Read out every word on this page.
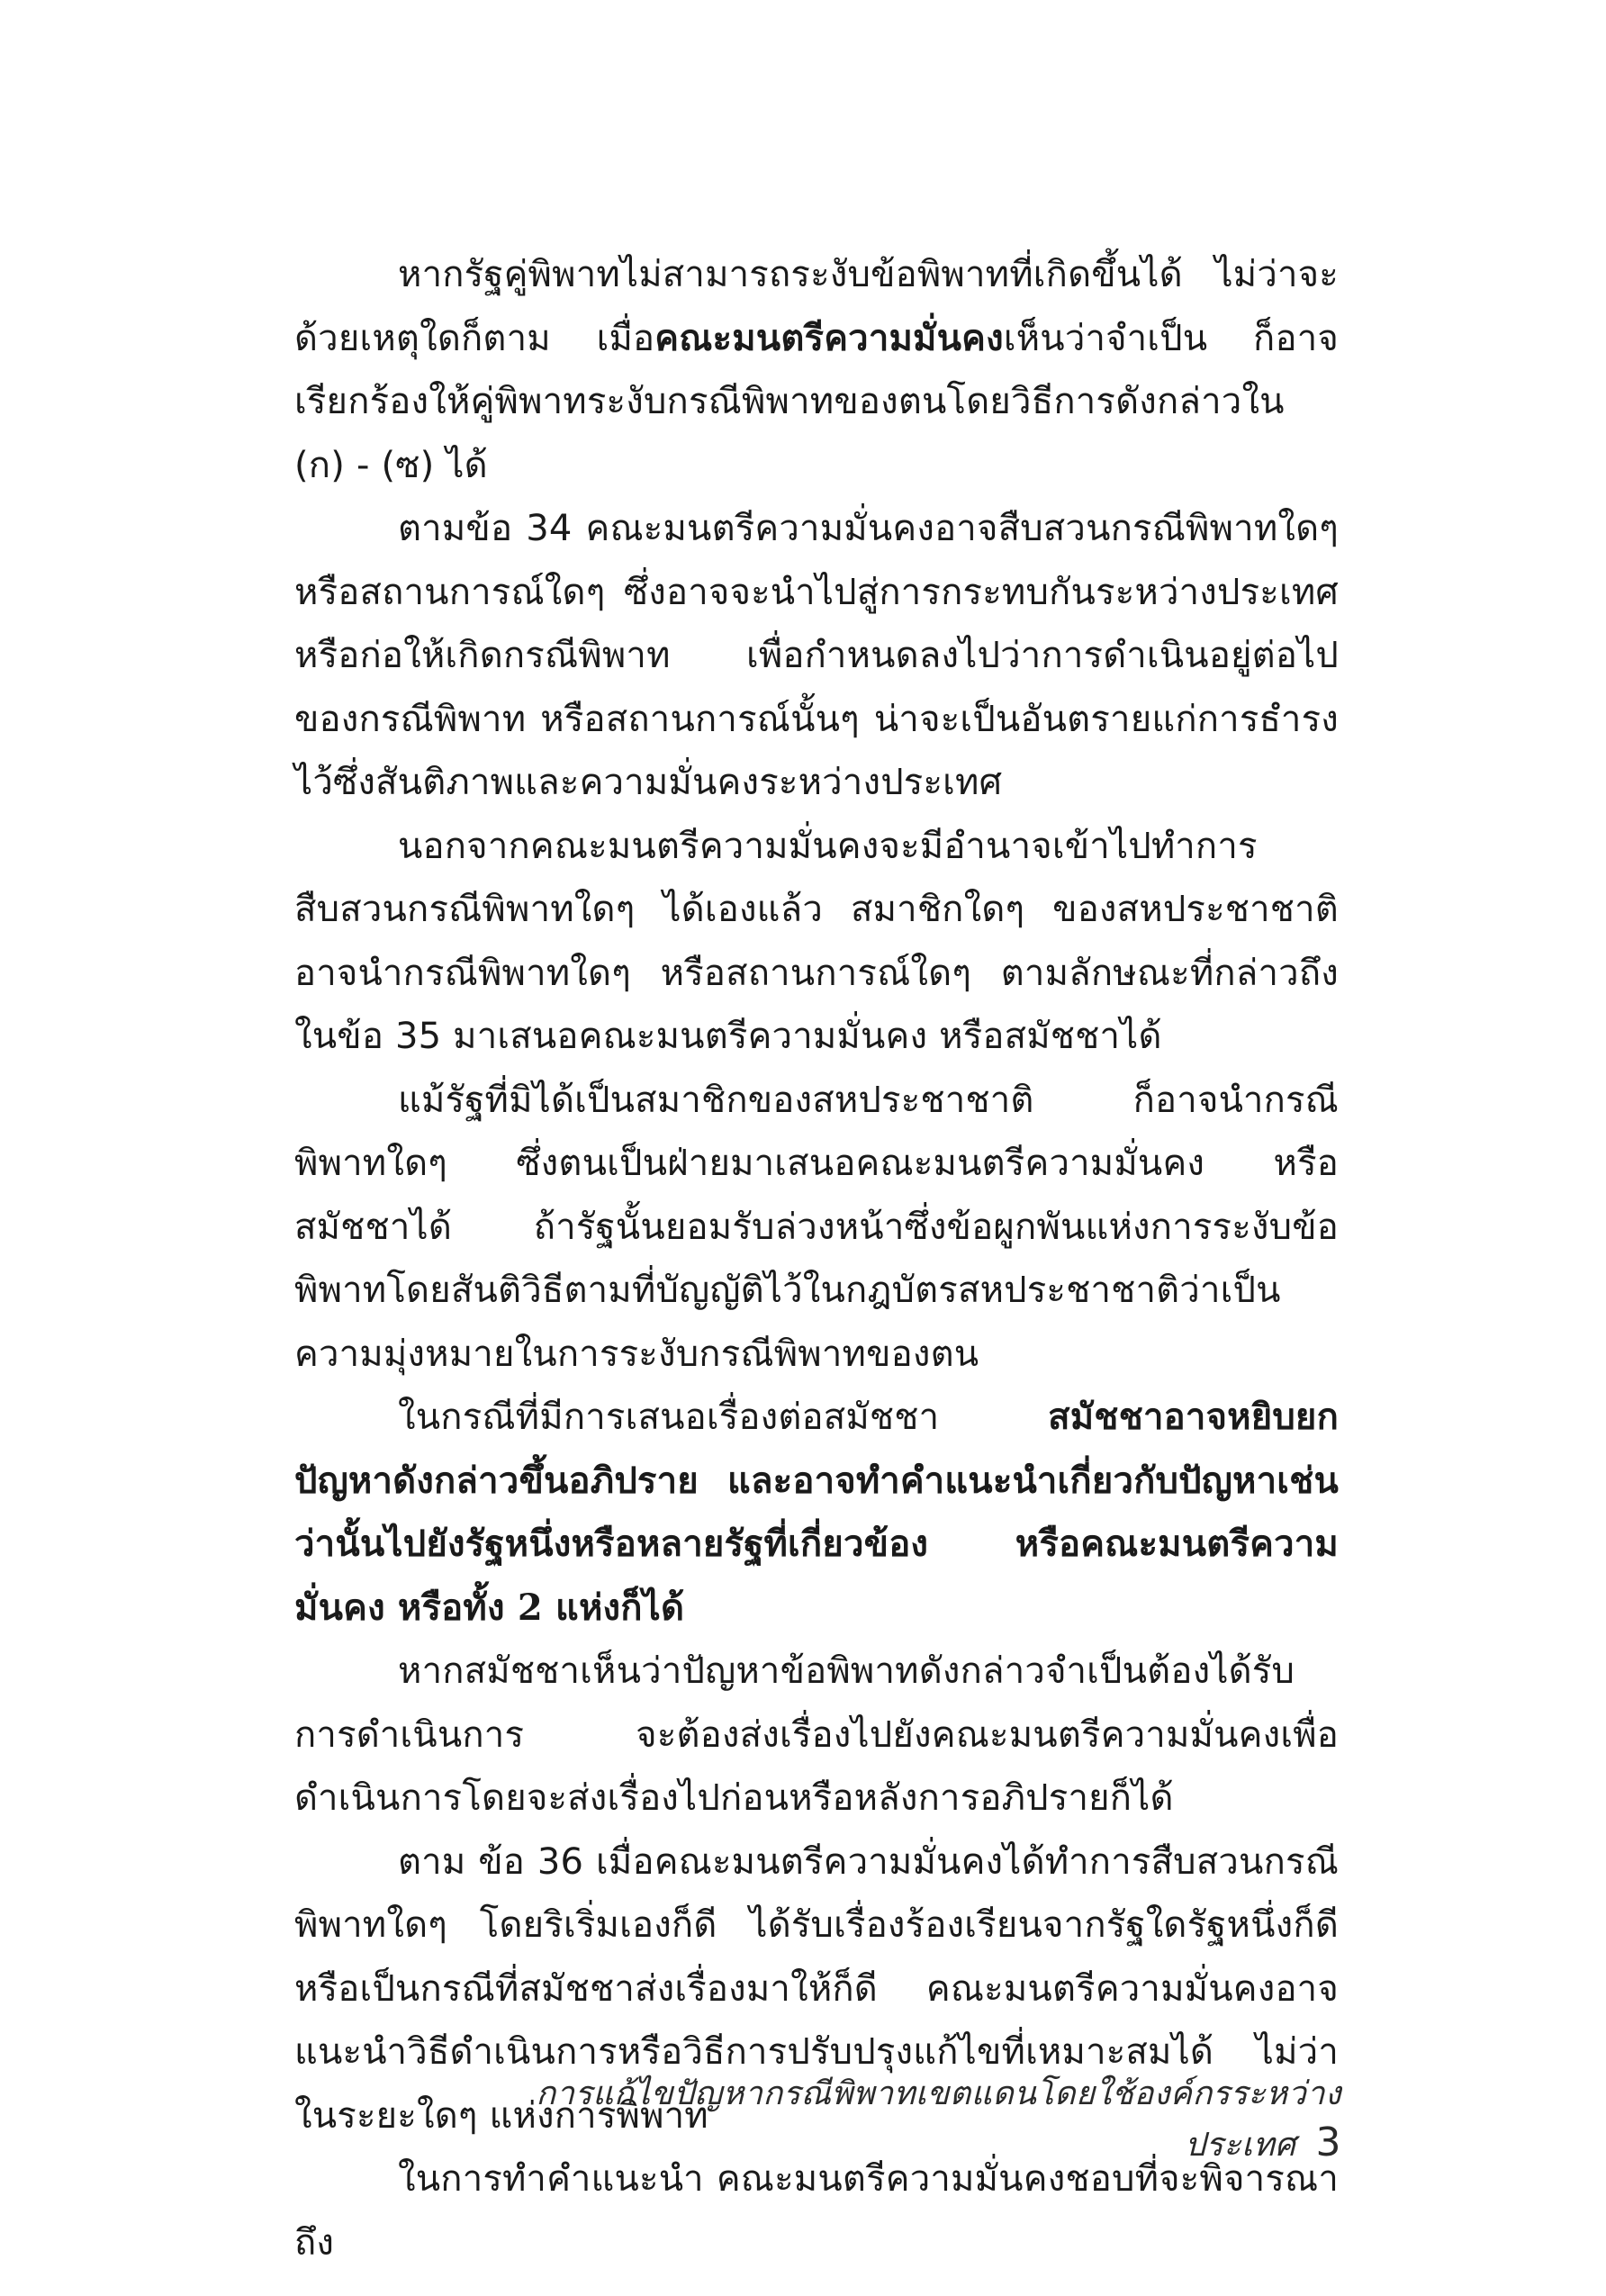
หากรัฐคู่พิพาทไม่สามารถระงับข้อพิพาทที่เกิดขึ้นได้ ไม่ว่าจะด้วยเหตุใดก็ตาม เมื่อคณะมนตรีความมั่นคงเห็นว่าจำเป็น ก็อาจเรียกร้องให้คู่พิพาทระงับกรณีพิพาทของตนโดยวิธีการดังกล่าวใน (ก) - (ซ) ได้

ตามข้อ 34 คณะมนตรีความมั่นคงอาจสืบสวนกรณีพิพาทใดๆ หรือสถานการณ์ใดๆ ซึ่งอาจจะนำไปสู่การกระทบกันระหว่างประเทศ หรือก่อให้เกิดกรณีพิพาท เพื่อกำหนดลงไปว่าการดำเนินอยู่ต่อไปของกรณีพิพาท หรือสถานการณ์นั้นๆ น่าจะเป็นอันตรายแก่การธำรงไว้ซึ่งสันติภาพและความมั่นคงระหว่างประเทศ

นอกจากคณะมนตรีความมั่นคงจะมีอำนาจเข้าไปทำการสืบสวนกรณีพิพาทใดๆ ได้เองแล้ว สมาชิกใดๆ ของสหประชาชาติอาจนำกรณีพิพาทใดๆ หรือสถานการณ์ใดๆ ตามลักษณะที่กล่าวถึงในข้อ 35 มาเสนอคณะมนตรีความมั่นคง หรือสมัชชาได้

แม้รัฐที่มิได้เป็นสมาชิกของสหประชาชาติ ก็อาจนำกรณีพิพาทใดๆ ซึ่งตนเป็นฝ่ายมาเสนอคณะมนตรีความมั่นคง หรือสมัชชาได้ ถ้ารัฐนั้นยอมรับล่วงหน้าซึ่งข้อผูกพันแห่งการระงับข้อพิพาทโดยสันติวิธีตามที่บัญญัติไว้ในกฎบัตรสหประชาชาติว่าเป็นความมุ่งหมายในการระงับกรณีพิพาทของตน

ในกรณีที่มีการเสนอเรื่องต่อสมัชชา สมัชชาอาจหยิบยกปัญหาดังกล่าวขึ้นอภิปราย และอาจทำคำแนะนำเกี่ยวกับปัญหาเช่นว่านั้นไปยังรัฐหนึ่งหรือหลายรัฐที่เกี่ยวข้อง หรือคณะมนตรีความมั่นคง หรือทั้ง 2 แห่งก็ได้

หากสมัชชาเห็นว่าปัญหาข้อพิพาทดังกล่าวจำเป็นต้องได้รับการดำเนินการ จะต้องส่งเรื่องไปยังคณะมนตรีความมั่นคงเพื่อดำเนินการโดยจะส่งเรื่องไปก่อนหรือหลังการอภิปรายก็ได้

ตาม ข้อ 36 เมื่อคณะมนตรีความมั่นคงได้ทำการสืบสวนกรณีพิพาทใดๆ โดยริเริ่มเองก็ดี ได้รับเรื่องร้องเรียนจากรัฐใดรัฐหนึ่งก็ดี หรือเป็นกรณีที่สมัชชาส่งเรื่องมาให้ก็ดี คณะมนตรีความมั่นคงอาจแนะนำวิธีดำเนินการหรือวิธีการปรับปรุงแก้ไขที่เหมาะสมได้ ไม่ว่าในระยะใดๆ แห่งการพิพาท

ในการทำคำแนะนำ คณะมนตรีความมั่นคงชอบที่จะพิจารณาถึง

การแก้ไขปัญหากรณีพิพาทเขตแดนโดยใช้องค์กรระหว่างประเทศ 3
